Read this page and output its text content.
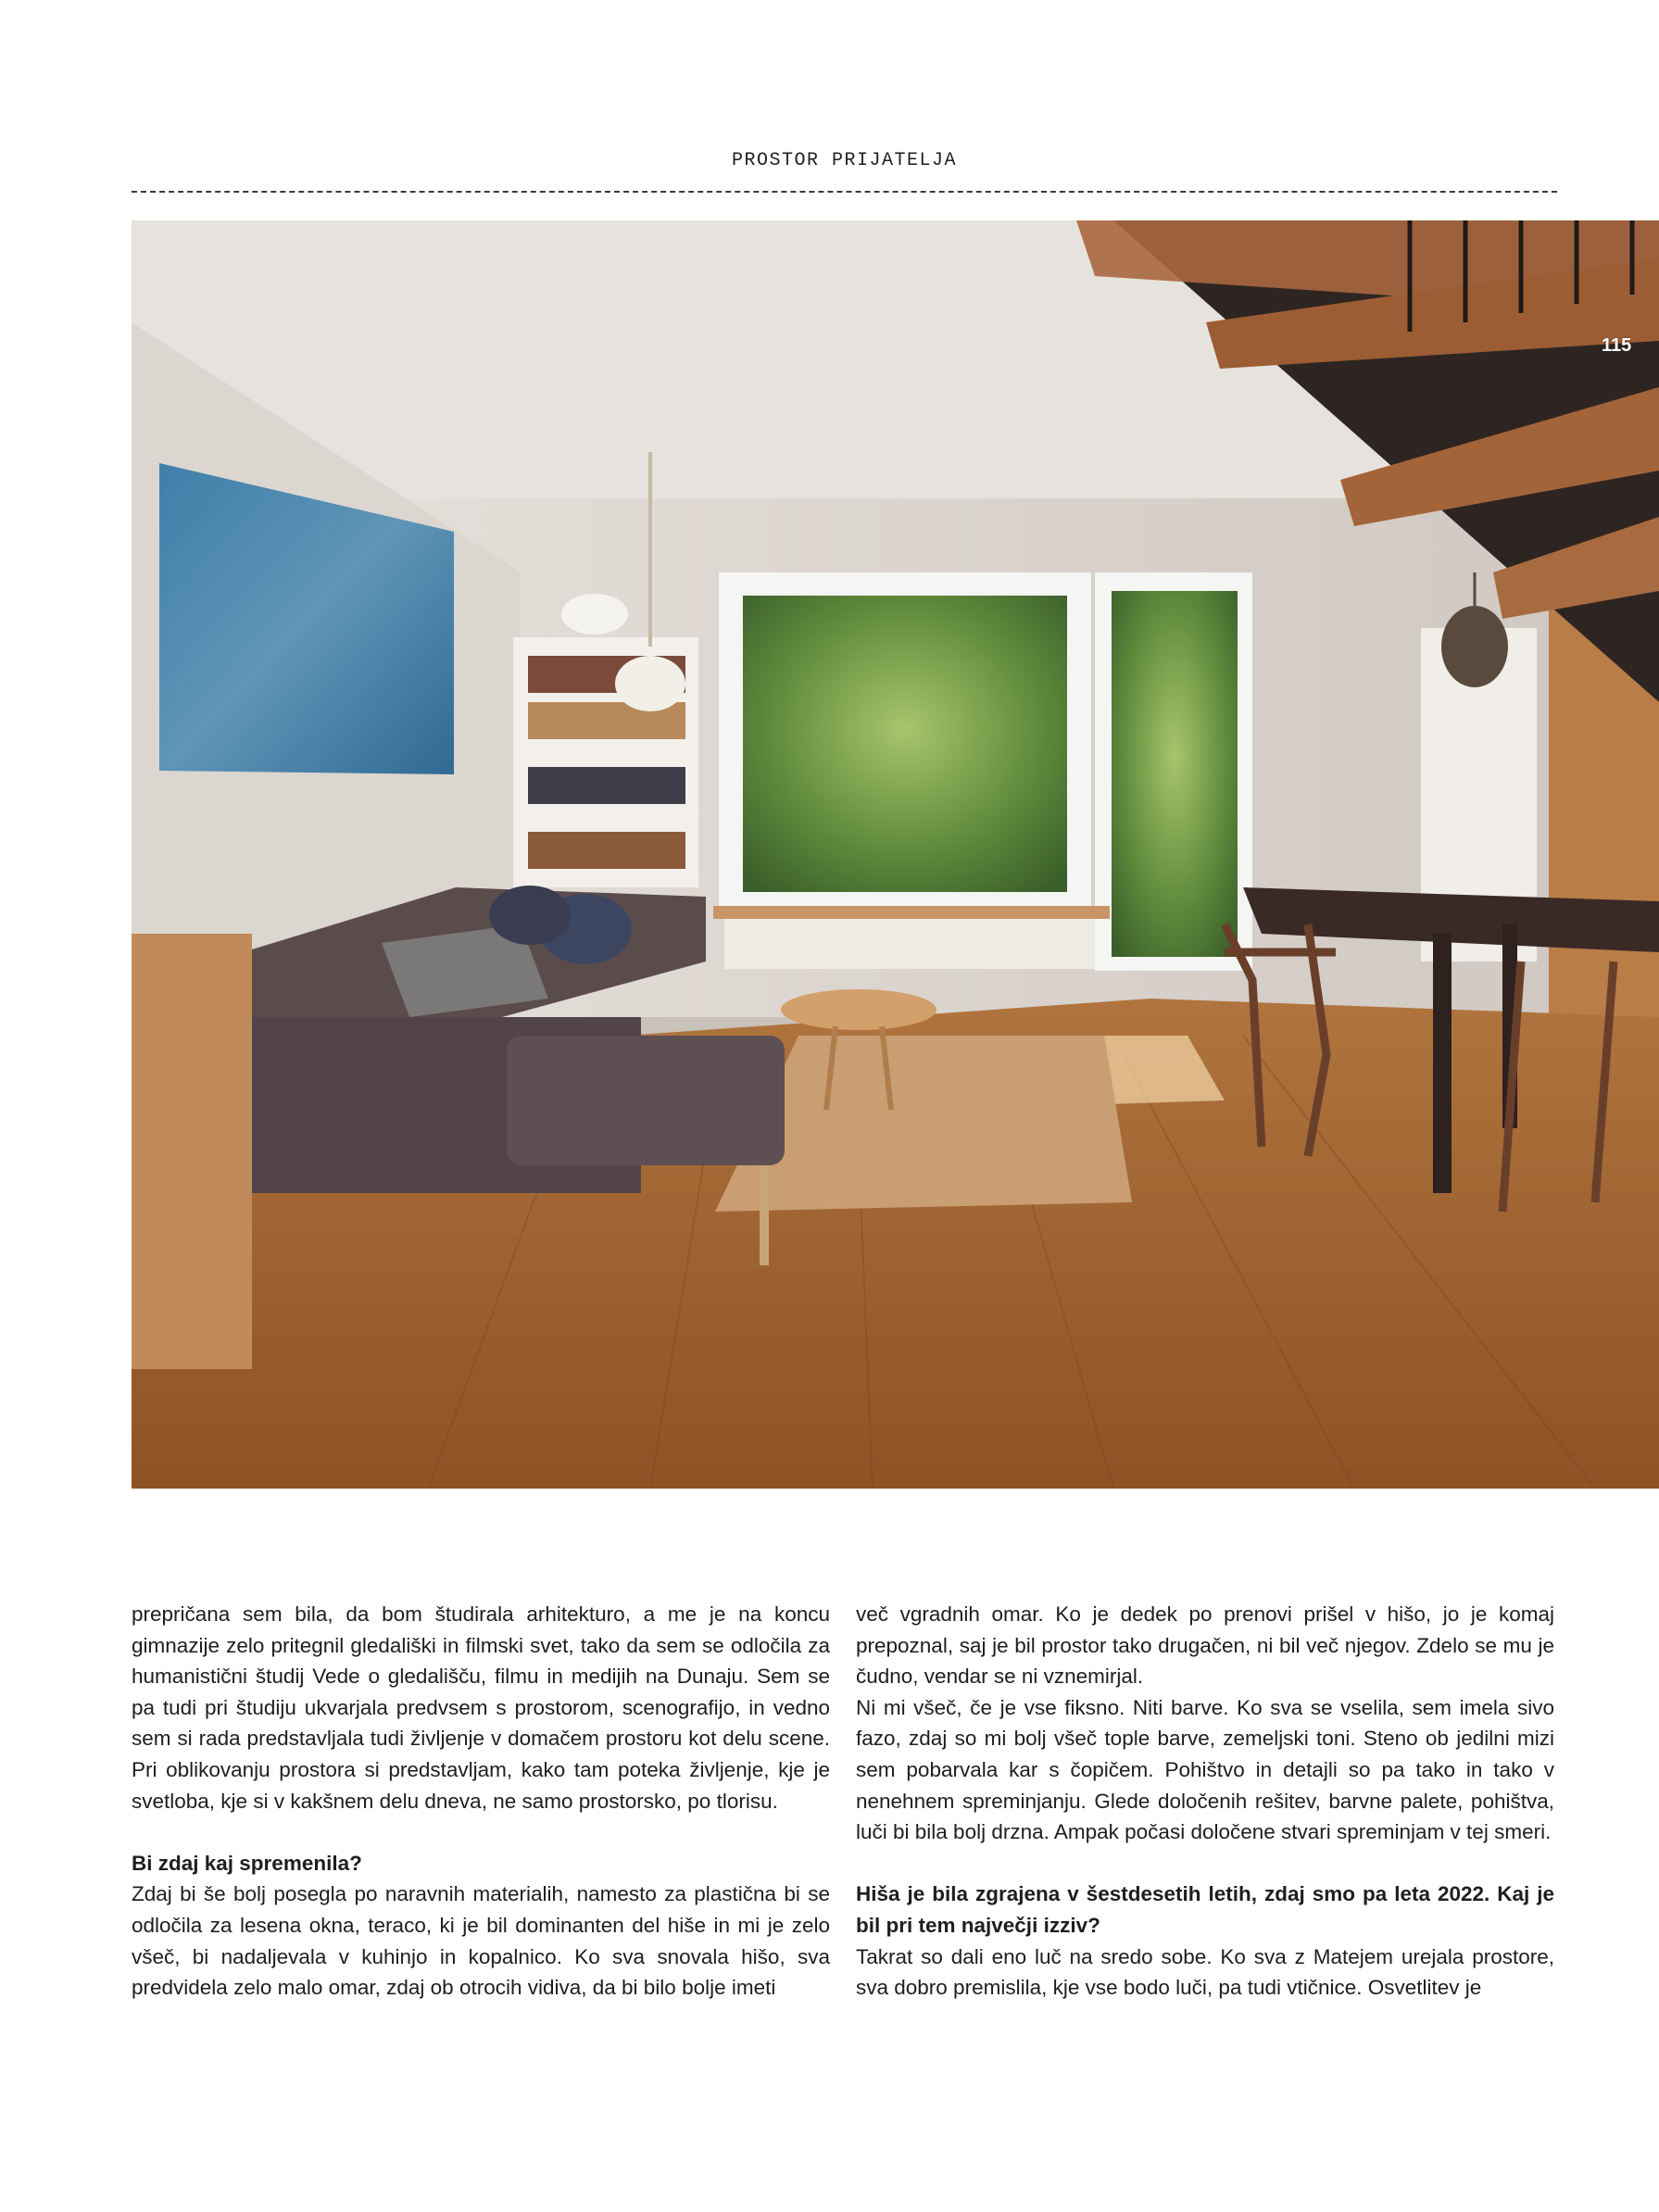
PROSTOR PRIJATELJA
115

prepričana sem bila, da bom študirala arhitekturo, a me je na koncu gimnazije zelo pritegnil gledališki in filmski svet, tako da sem se odločila za humanistični študij Vede o gledališču, filmu in medijih na Dunaju. Sem se pa tudi pri študiju ukvarjala predvsem s prostorom, scenografijo, in vedno sem si rada predstavljala tudi življenje v domačem prostoru kot delu scene. Pri oblikovanju prostora si predstavljam, kako tam poteka življenje, kje je svetloba, kje si v kakšnem delu dneva, ne samo prostorsko, po tlorisu.

Bi zdaj kaj spremenila?

Zdaj bi še bolj posegla po naravnih materialih, namesto za plastična bi se odločila za lesena okna, teraco, ki je bil dominanten del hiše in mi je zelo všeč, bi nadaljevala v kuhinjo in kopalnico. Ko sva snovala hišo, sva predvidela zelo malo omar, zdaj ob otrocih vidiva, da bi bilo bolje imeti

več vgradnih omar. Ko je dedek po prenovi prišel v hišo, jo je komaj prepoznal, saj je bil prostor tako drugačen, ni bil več njegov. Zdelo se mu je čudno, vendar se ni vznemirjal.

Ni mi všeč, če je vse fiksno. Niti barve. Ko sva se vselila, sem imela sivo fazo, zdaj so mi bolj všeč tople barve, zemeljski toni. Steno ob jedilni mizi sem pobarvala kar s čopičem. Pohištvo in detajli so pa tako in tako v nenehnem spreminjanju. Glede določenih rešitev, barvne palete, pohištva, luči bi bila bolj drzna. Ampak počasi določene stvari spreminjam v tej smeri.

Hiša je bila zgrajena v šestdesetih letih, zdaj smo pa leta 2022. Kaj je bil pri tem največji izziv?

Takrat so dali eno luč na sredo sobe. Ko sva z Matejem urejala prostore, sva dobro premislila, kje vse bodo luči, pa tudi vtičnice. Osvetlitev je
